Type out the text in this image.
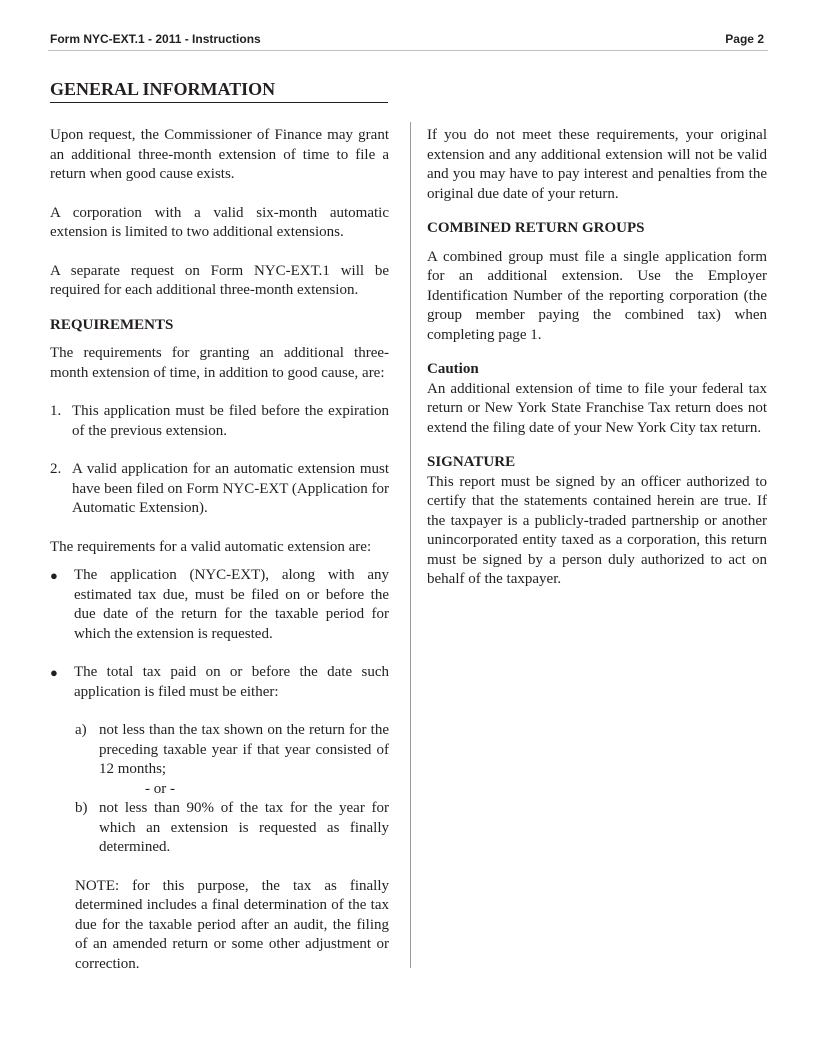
Form NYC-EXT.1 - 2011 - Instructions	Page 2
GENERAL INFORMATION

Upon request, the Commissioner of Finance may grant an additional three-month extension of time to file a return when good cause exists.

A corporation with a valid six-month automatic extension is limited to two additional extensions.

A separate request on Form NYC-EXT.1 will be required for each additional three-month extension.

REQUIREMENTS

The requirements for granting an additional three-month extension of time, in addition to good cause, are:

1. This application must be filed before the expiration of the previous extension.
2. A valid application for an automatic extension must have been filed on Form NYC-EXT (Application for Automatic Extension).

The requirements for a valid automatic extension are:

●	The application (NYC-EXT), along with any estimated tax due, must be filed on or before the due date of the return for the taxable period for which the extension is requested.
●	The total tax paid on or before the date such application is filed must be either:
a) not less than the tax shown on the return for the preceding taxable year if that year consisted of 12 months;

- or -

b) not less than 90% of the tax for the year for which an extension is requested as finally determined.

NOTE: for this purpose, the tax as finally determined includes a final determination of the tax due for the taxable period after an audit, the filing of an amended return or some other adjustment or correction.

If you do not meet these requirements, your original extension and any additional extension will not be valid and you may have to pay interest and penalties from the original due date of your return.

COMBINED RETURN GROUPS

A combined group must file a single application form for an additional extension. Use the Employer Identification Number of the reporting corporation (the group member paying the combined tax) when completing page 1.

Caution

An additional extension of time to file your federal tax return or New York State Franchise Tax return does not extend the filing date of your New York City tax return.

SIGNATURE

This report must be signed by an officer authorized to certify that the statements contained herein are true. If the taxpayer is a publicly-traded partnership or another unincorporated entity taxed as a corporation, this return must be signed by a person duly authorized to act on behalf of the taxpayer.
